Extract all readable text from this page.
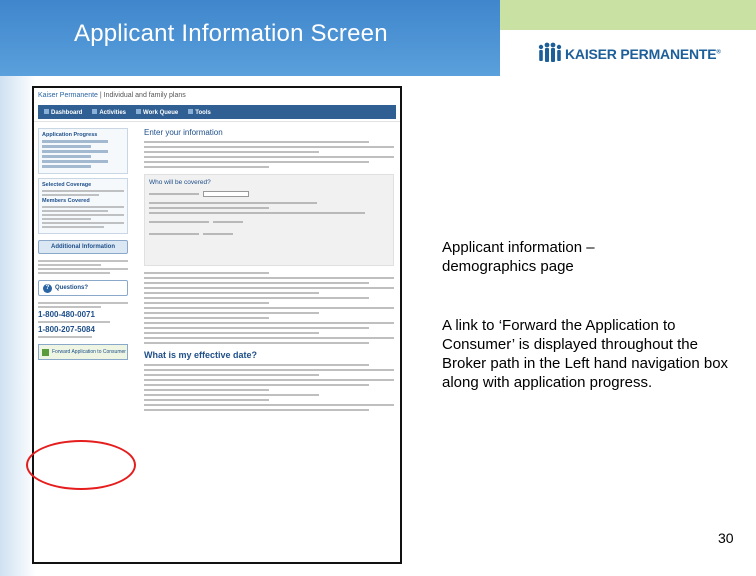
Applicant Information Screen
KAISER PERMANENTE®
Kaiser Permanente | Individual and family plans
Dashboard	Activities	Work Queue	Tools
Application Progress
Selected Coverage
Members Covered
Additional Information
? Questions?
1-800-480-0071
1-800-207-5084
Forward Application to Consumer
Enter your information
Who will be covered?
What is my effective date?
Applicant information – demographics page
A link to ‘Forward the Application to Consumer’ is displayed throughout the Broker path in the Left hand navigation box along with application progress.
30
